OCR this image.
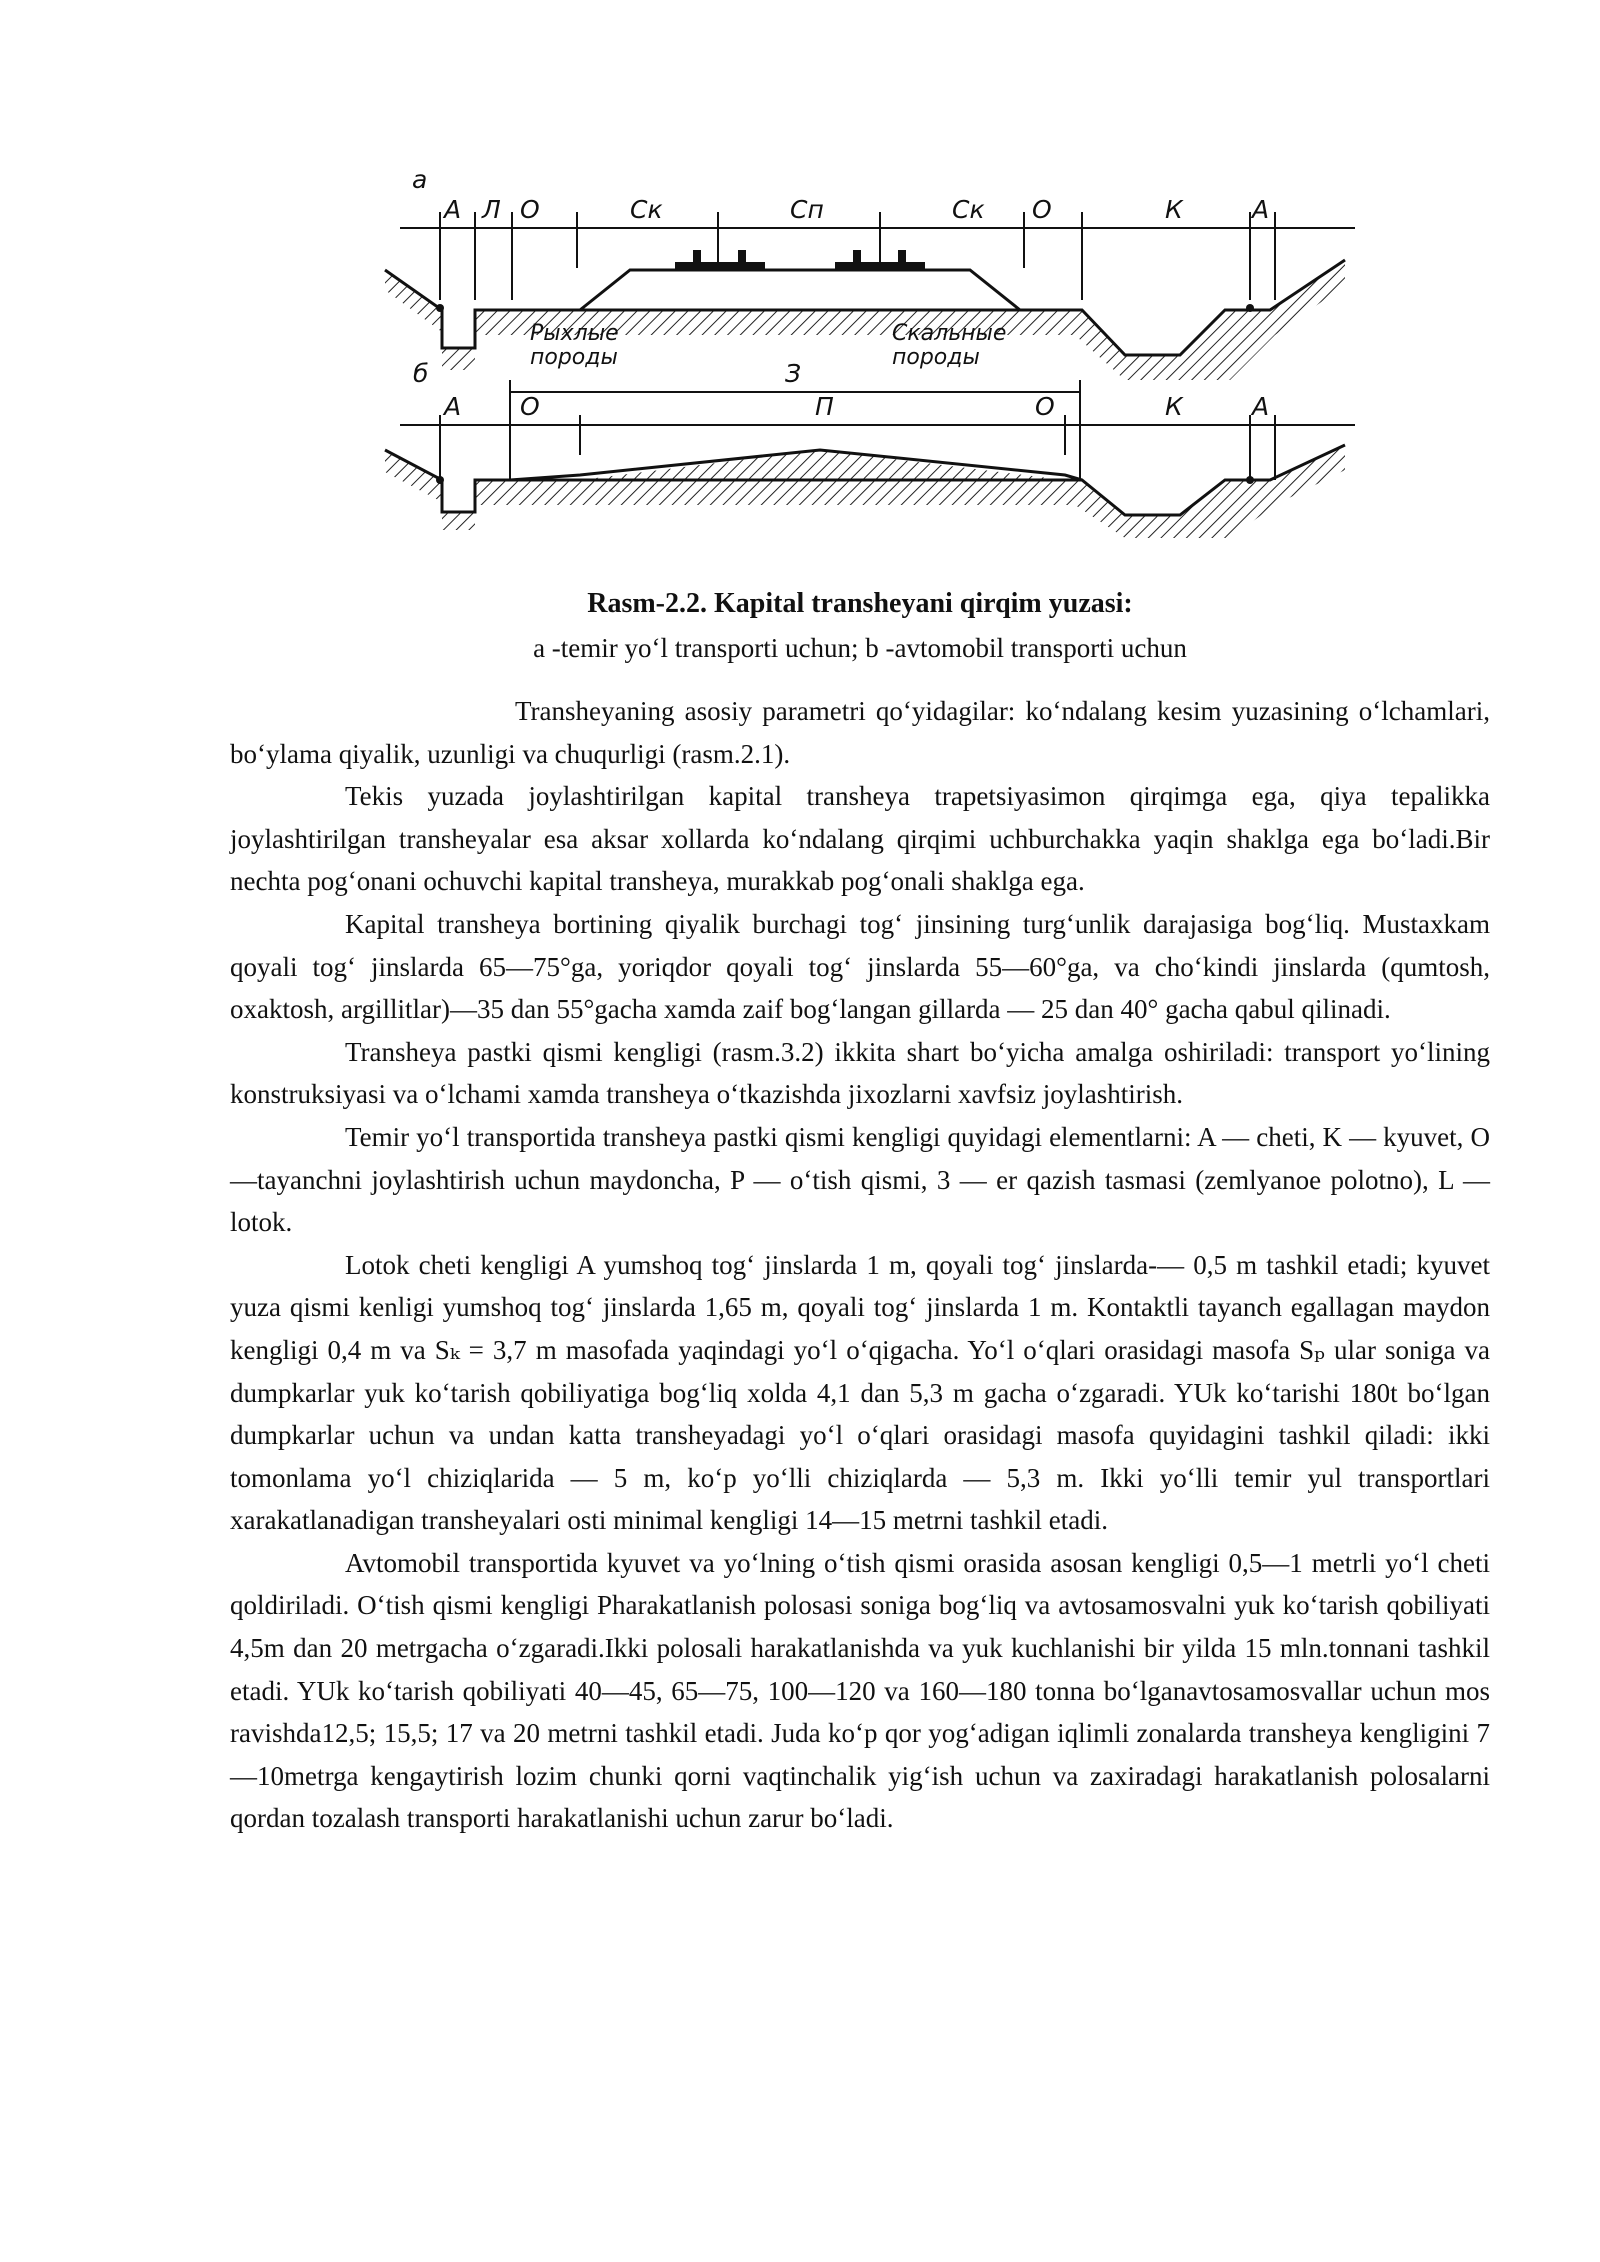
а
А Л О	Ск	Сп	Ск О	К	А
Рыхлые
породы
Скальные
породы
б
А О
З
П	О	К	А
Rasm-2.2. Kapital transheyani qirqim yuzasi:
a -temir yo‘l transporti uchun; b -avtomobil transporti uchun

Transheyaning asosiy parametri qo‘yidagilar: ko‘ndalang kesim yuzasining o‘lchamlari, bo‘ylama qiyalik, uzunligi va chuqurligi (rasm.2.1).

Tekis yuzada joylashtirilgan kapital transheya trapetsiyasimon qirqimga ega, qiya tepalikka joylashtirilgan transheyalar esa aksar xollarda ko‘ndalang qirqimi uchburchakka yaqin shaklga ega bo‘ladi.Bir nechta pog‘onani ochuvchi kapital transheya, murakkab pog‘onali shaklga ega.

Kapital transheya bortining qiyalik burchagi tog‘ jinsining turg‘unlik darajasiga bog‘liq. Mustaxkam qoyali tog‘ jinslarda 65—75°ga, yoriqdor qoyali tog‘ jinslarda 55—60°ga, va cho‘kindi jinslarda (qumtosh, oxaktosh, argillitlar)—35 dan 55°gacha xamda zaif bog‘langan gillarda — 25 dan 40° gacha qabul qilinadi.

Transheya pastki qismi kengligi (rasm.3.2) ikkita shart bo‘yicha amalga oshiriladi: transport yo‘lining konstruksiyasi va o‘lchami xamda transheya o‘tkazishda jixozlarni xavfsiz joylashtirish.

Temir yo‘l transportida transheya pastki qismi kengligi quyidagi elementlarni: A — cheti, K — kyuvet, O—tayanchni joylashtirish uchun maydoncha, P — o‘tish qismi, 3 — er qazish tasmasi (zemlyanoe polotno), L — lotok.

Lotok cheti kengligi A yumshoq tog‘ jinslarda 1 m, qoyali tog‘ jinslarda-— 0,5 m tashkil etadi; kyuvet yuza qismi kenligi yumshoq tog‘ jinslarda 1,65 m, qoyali tog‘ jinslarda 1 m. Kontaktli tayanch egallagan maydon kengligi 0,4 m va Sₖ = 3,7 m masofada yaqindagi yo‘l o‘qigacha. Yo‘l o‘qlari orasidagi masofa Sₚ ular soniga va dumpkarlar yuk ko‘tarish qobiliyatiga bog‘liq xolda 4,1 dan 5,3 m gacha o‘zgaradi. YUk ko‘tarishi 180t bo‘lgan dumpkarlar uchun va undan katta transheyadagi yo‘l o‘qlari orasidagi masofa quyidagini tashkil qiladi: ikki tomonlama yo‘l chiziqlarida — 5 m, ko‘p yo‘lli chiziqlarda — 5,3 m. Ikki yo‘lli temir yul transportlari xarakatlanadigan transheyalari osti minimal kengligi 14—15 metrni tashkil etadi.

Avtomobil transportida kyuvet va yo‘lning o‘tish qismi orasida asosan kengligi 0,5—1 metrli yo‘l cheti qoldiriladi. O‘tish qismi kengligi Pharakatlanish polosasi soniga bog‘liq va avtosamosvalni yuk ko‘tarish qobiliyati 4,5m dan 20 metrgacha o‘zgaradi.Ikki polosali harakatlanishda va yuk kuchlanishi bir yilda 15 mln.tonnani tashkil etadi. YUk ko‘tarish qobiliyati 40—45, 65—75, 100—120 va 160—180 tonna bo‘lganavtosamosvallar uchun mos ravishda12,5; 15,5; 17 va 20 metrni tashkil etadi. Juda ko‘p qor yog‘adigan iqlimli zonalarda transheya kengligini 7—10metrga kengaytirish lozim chunki qorni vaqtinchalik yig‘ish uchun va zaxiradagi harakatlanish polosalarni qordan tozalash transporti harakatlanishi uchun zarur bo‘ladi.
